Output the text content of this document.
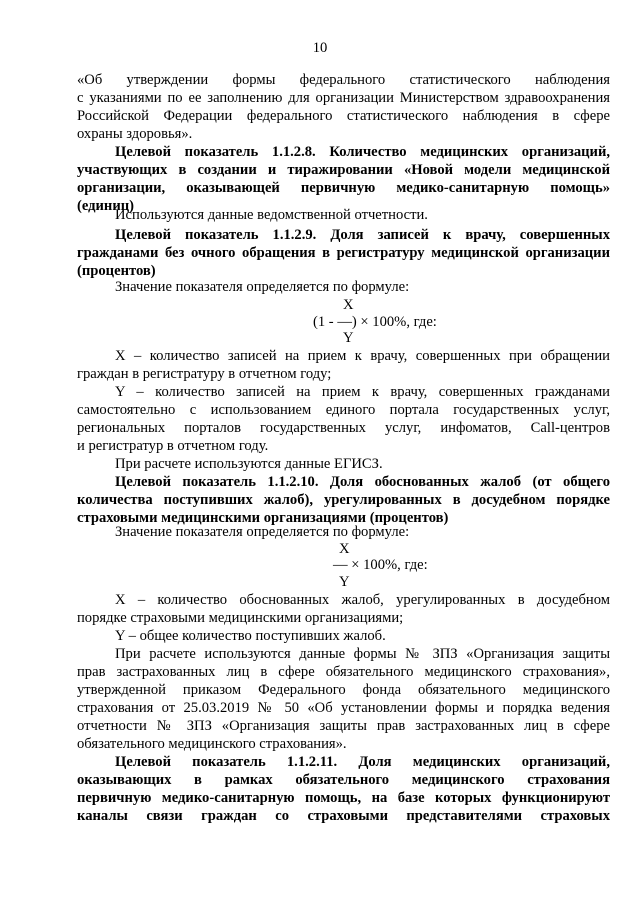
10
«Об утверждении формы федерального статистического наблюдения
с указаниями по ее заполнению для организации Министерством здравоохранения
Российской Федерации федерального статистического наблюдения в сфере
охраны здоровья».
Целевой показатель 1.1.2.8. Количество медицинских организаций,
участвующих в создании и тиражировании «Новой модели медицинской
организации, оказывающей первичную медико-санитарную помощь»
(единиц)
Используются данные ведомственной отчетности.
Целевой показатель 1.1.2.9. Доля записей к врачу, совершенных
гражданами без очного обращения в регистратуру медицинской организации
(процентов)
Значение показателя определяется по формуле:
X
(1 - —) × 100%, где:
Y
X – количество записей на прием к врачу, совершенных при обращении
граждан в регистратуру в отчетном году;
Y – количество записей на прием к врачу, совершенных гражданами
самостоятельно с использованием единого портала государственных услуг,
региональных порталов государственных услуг, инфоматов, Call-центров
и регистратур в отчетном году.
При расчете используются данные ЕГИСЗ.
Целевой показатель 1.1.2.10. Доля обоснованных жалоб (от общего
количества поступивших жалоб), урегулированных в досудебном порядке
страховыми медицинскими организациями (процентов)
Значение показателя определяется по формуле:
X
— × 100%, где:
Y
X – количество обоснованных жалоб, урегулированных в досудебном
порядке страховыми медицинскими организациями;
Y – общее количество поступивших жалоб.
При расчете используются данные формы № ЗПЗ «Организация защиты
прав застрахованных лиц в сфере обязательного медицинского страхования»,
утвержденной приказом Федерального фонда обязательного медицинского
страхования от 25.03.2019 № 50 «Об установлении формы и порядка ведения
отчетности № ЗПЗ «Организация защиты прав застрахованных лиц в сфере
обязательного медицинского страхования».
Целевой показатель 1.1.2.11. Доля медицинских организаций,
оказывающих в рамках обязательного медицинского страхования
первичную медико-санитарную помощь, на базе которых функционируют
каналы связи граждан со страховыми представителями страховых
